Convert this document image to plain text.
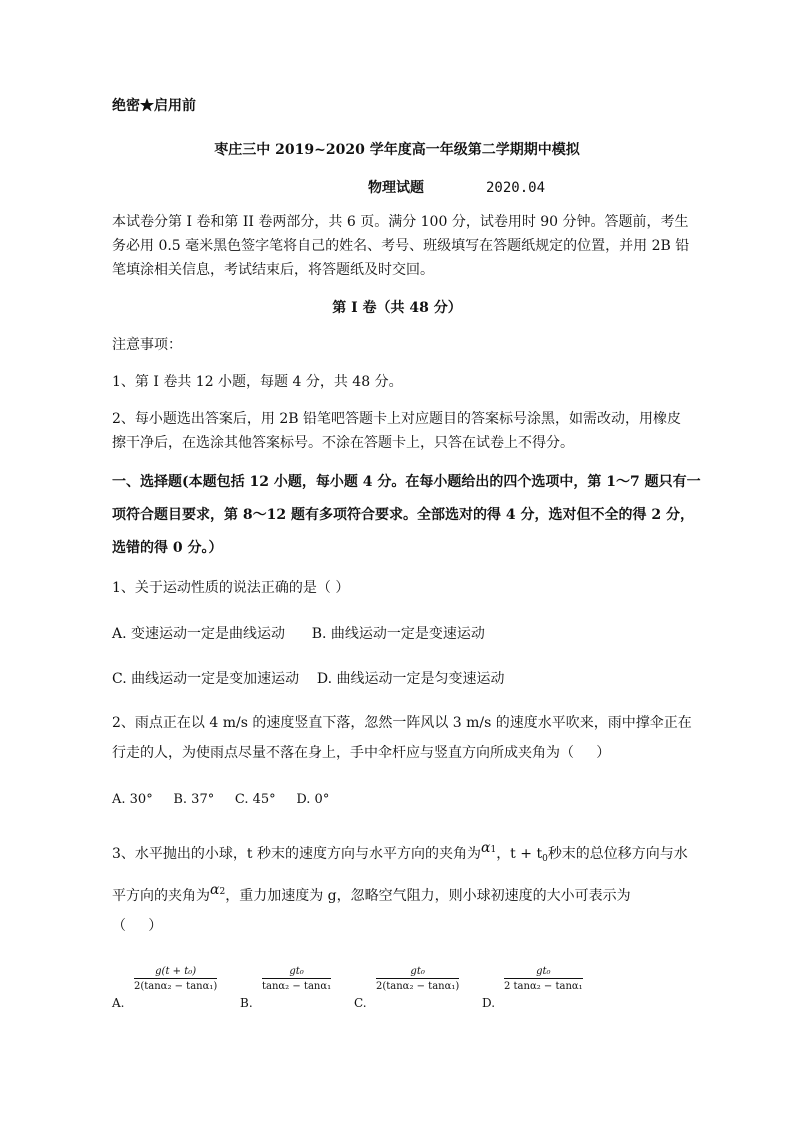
绝密★启用前
枣庄三中 2019~2020 学年度高一年级第二学期期中模拟
物理试题	2020.04
本试卷分第 I 卷和第 II 卷两部分，共 6 页。满分 100 分，试卷用时 90 分钟。答题前，考生
务必用 0.5 毫米黑色签字笔将自己的姓名、考号、班级填写在答题纸规定的位置，并用 2B 铅
笔填涂相关信息，考试结束后，将答题纸及时交回。
第 I 卷（共 48 分）
注意事项：
1、第 I 卷共 12 小题，每题 4 分，共 48 分。
2、每小题选出答案后，用 2B 铅笔吧答题卡上对应题目的答案标号涂黑，如需改动，用橡皮
擦干净后，在选涂其他答案标号。不涂在答题卡上，只答在试卷上不得分。
一、选择题(本题包括 12 小题，每小题 4 分。在每小题给出的四个选项中，第 1～7 题只有一
项符合题目要求，第 8～12 题有多项符合要求。全部选对的得 4 分，选对但不全的得 2 分，
选错的得 0 分。）
1、关于运动性质的说法正确的是（ ）
A. 变速运动一定是曲线运动      B. 曲线运动一定是变速运动
C. 曲线运动一定是变加速运动    D. 曲线运动一定是匀变速运动
2、雨点正在以 4 m/s 的速度竖直下落，忽然一阵风以 3 m/s 的速度水平吹来，雨中撑伞正在
行走的人，为使雨点尽量不落在身上，手中伞杆应与竖直方向所成夹角为（     ）
A. 30°     B. 37°     C. 45°     D. 0°
3、水平抛出的小球，t 秒末的速度方向与水平方向的夹角为α1，$t + t_0$秒末的总位移方向与水
平方向的夹角为α2，重力加速度为 g，忽略空气阻力，则小球初速度的大小可表示为
（     ）
A.
$\frac{\text{g(t + t₀)}}{\text{2(tanα₂ − tanα₁)}}$
B.
$\frac{\text{gt₀}}{\text{tanα₂ − tanα₁}}$
C.
$\frac{\text{gt₀}}{\text{2(tanα₂ − tanα₁)}}$
D.
$\frac{\text{gt₀}}{\text{2 tanα₂ − tanα₁}}$
